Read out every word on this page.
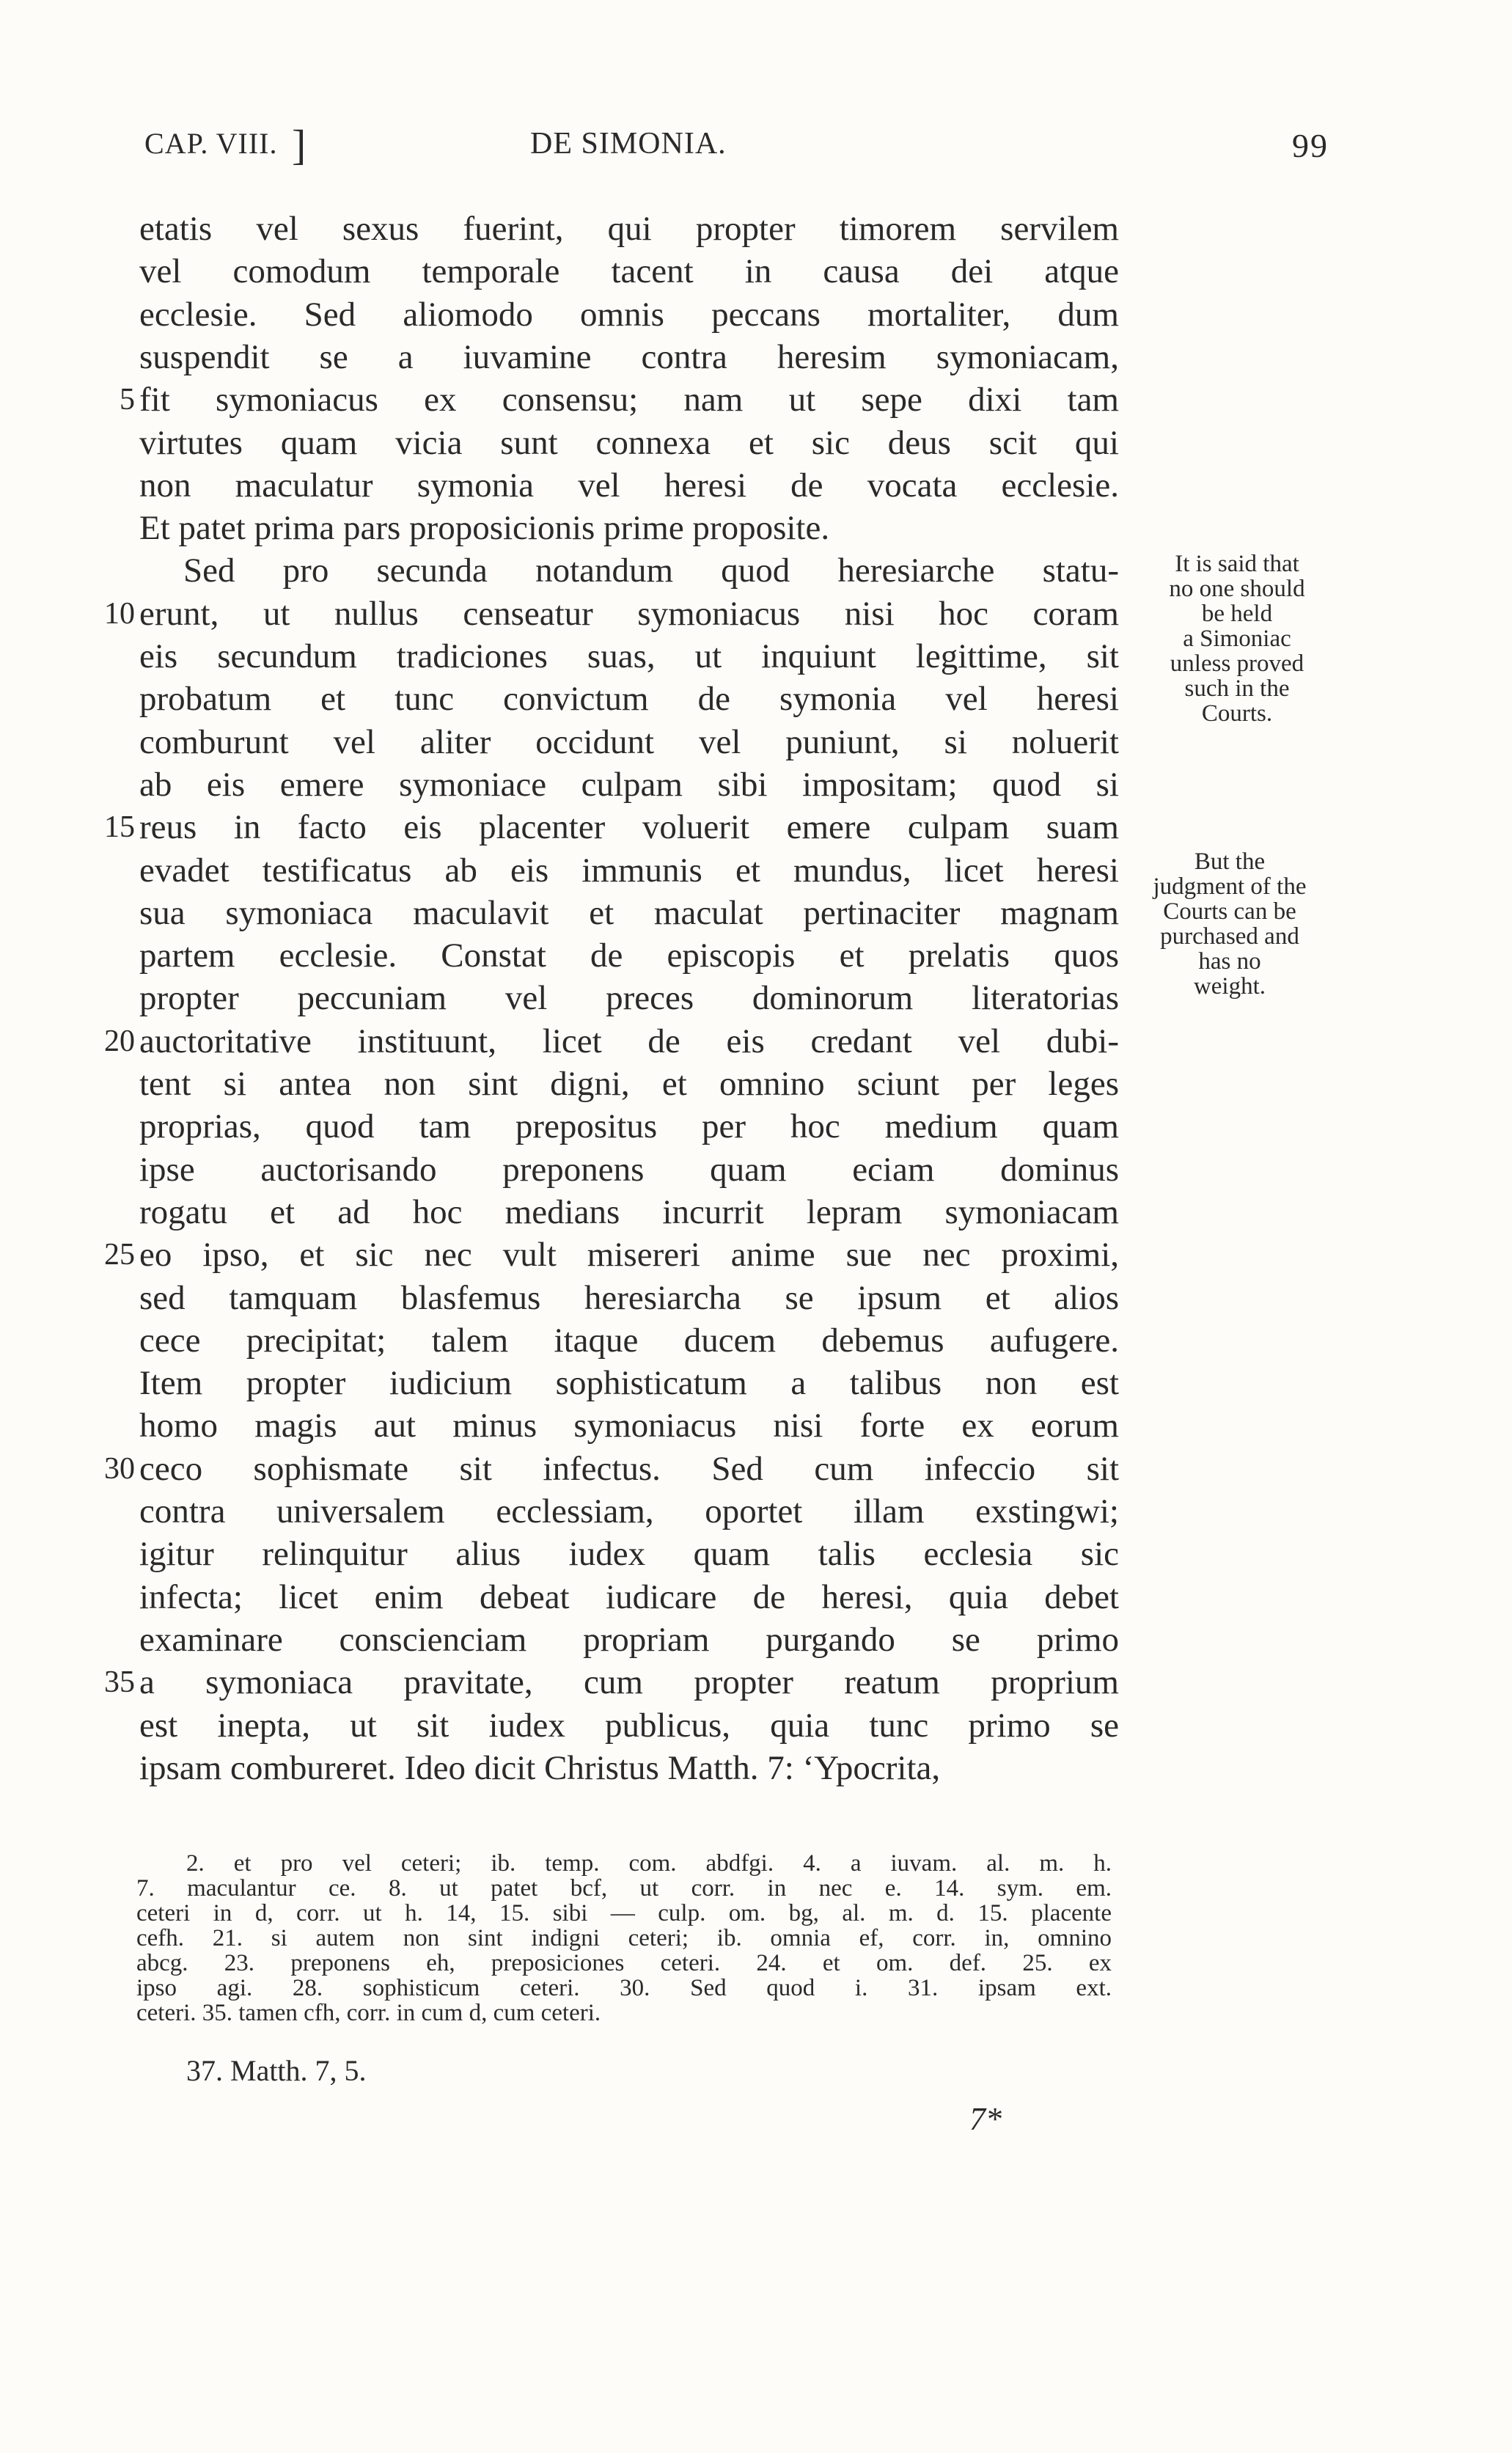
CAP. VIII. ]	DE SIMONIA.	99
etatis vel sexus fuerint, qui propter timorem servilem
vel comodum temporale tacent in causa dei atque
ecclesie. Sed aliomodo omnis peccans mortaliter, dum
suspendit se a iuvamine contra heresim symoniacam,
5 fit symoniacus ex consensu; nam ut sepe dixi tam
virtutes quam vicia sunt connexa et sic deus scit qui
non maculatur symonia vel heresi de vocata ecclesie.
Et patet prima pars proposicionis prime proposite.
Sed pro secunda notandum quod heresiarche statu-
10 erunt, ut nullus censeatur symoniacus nisi hoc coram
eis secundum tradiciones suas, ut inquiunt legittime, sit
probatum et tunc convictum de symonia vel heresi
comburunt vel aliter occidunt vel puniunt, si noluerit
ab eis emere symoniace culpam sibi impositam; quod si
15 reus in facto eis placenter voluerit emere culpam suam
evadet testificatus ab eis immunis et mundus, licet heresi
sua symoniaca maculavit et maculat pertinaciter magnam
partem ecclesie. Constat de episcopis et prelatis quos
propter peccuniam vel preces dominorum literatorias
20 auctoritative instituunt, licet de eis credant vel dubi-
tent si antea non sint digni, et omnino sciunt per leges
proprias, quod tam prepositus per hoc medium quam
ipse auctorisando preponens quam eciam dominus
rogatu et ad hoc medians incurrit lepram symoniacam
25 eo ipso, et sic nec vult misereri anime sue nec proximi,
sed tamquam blasfemus heresiarcha se ipsum et alios
cece precipitat; talem itaque ducem debemus aufugere.
Item propter iudicium sophisticatum a talibus non est
homo magis aut minus symoniacus nisi forte ex eorum
30 ceco sophismate sit infectus. Sed cum infeccio sit
contra universalem ecclessiam, oportet illam exstingwi;
igitur relinquitur alius iudex quam talis ecclesia sic
infecta; licet enim debeat iudicare de heresi, quia debet
examinare conscienciam propriam purgando se primo
35 a symoniaca pravitate, cum propter reatum proprium
est inepta, ut sit iudex publicus, quia tunc primo se
ipsam combureret. Ideo dicit Christus Matth. 7: ‘Ypocrita,
It is said that
no one should
be held
a Simoniac
unless proved
such in the
Courts.
But the
judgment of the
Courts can be
purchased and
has no
weight.
2. et pro vel ceteri; ib. temp. com. abdfgi. 4. a iuvam. al. m. h.
7. maculantur ce. 8. ut patet bcf, ut corr. in nec e. 14. sym. em.
ceteri in d, corr. ut h. 14, 15. sibi — culp. om. bg, al. m. d. 15. placente
cefh. 21. si autem non sint indigni ceteri; ib. omnia ef, corr. in, omnino
abcg. 23. preponens eh, preposiciones ceteri. 24. et om. def. 25. ex
ipso agi. 28. sophisticum ceteri. 30. Sed quod i. 31. ipsam ext.
ceteri. 35. tamen cfh, corr. in cum d, cum ceteri.
37. Matth. 7, 5.
7*
